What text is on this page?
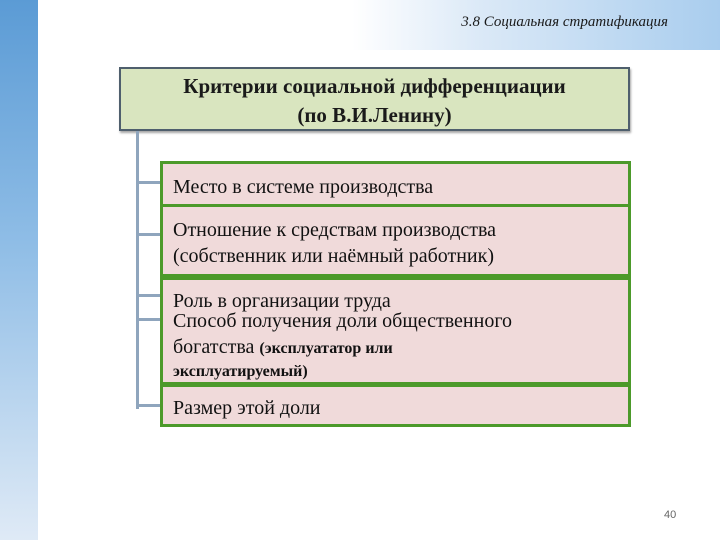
3.8 Социальная стратификация
Критерии социальной дифференциации
(по В.И.Ленину)
Место в системе производства
Отношение к средствам производства
(собственник или наёмный работник)
Роль в организации труда
Способ получения доли общественного
богатства (эксплуататор или
эксплуатируемый)
Размер этой доли
40
